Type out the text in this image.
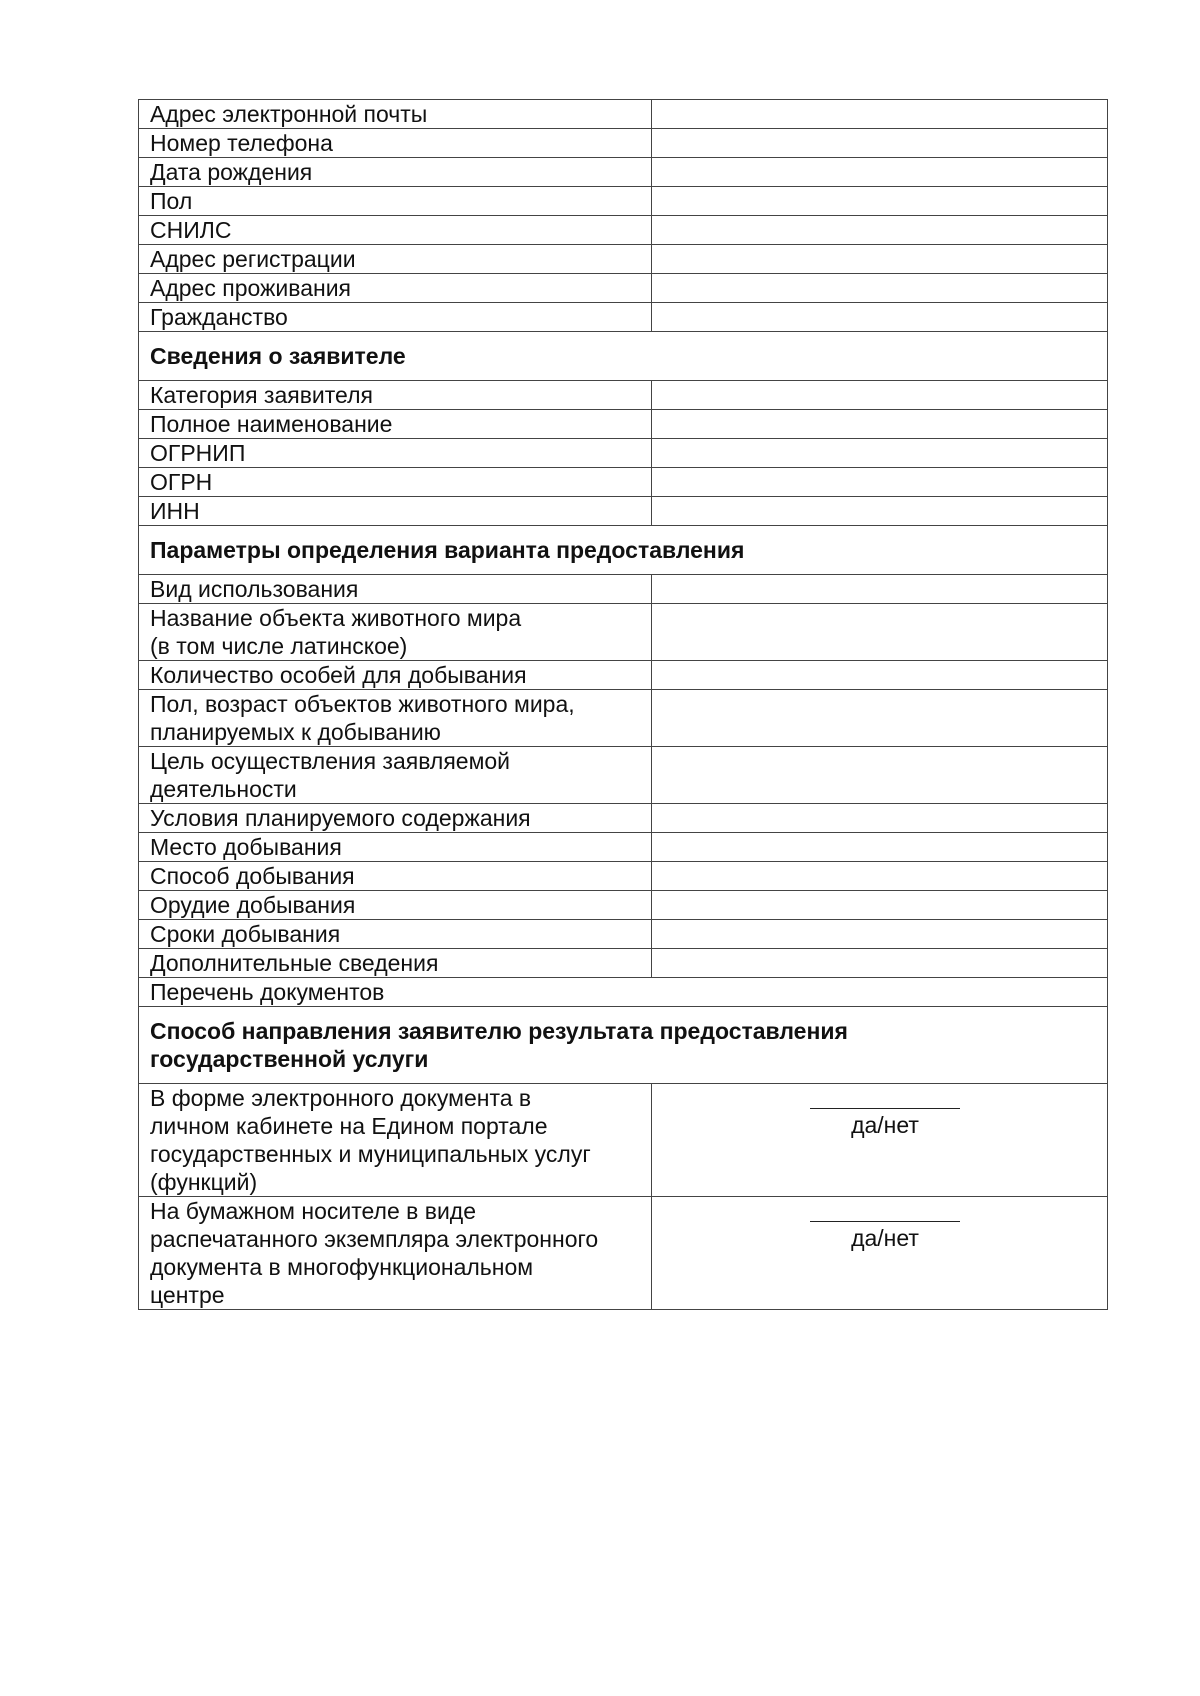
Адрес электронной почты	
Номер телефона	
Дата рождения	
Пол	
СНИЛС	
Адрес регистрации	
Адрес проживания	
Гражданство	
Сведения о заявителе	
Категория заявителя	
Полное наименование	
ОГРНИП	
ОГРН	
ИНН	
Параметры определения варианта предоставления	
Вид использования	
Название объекта животного мира
(в том числе латинское)	
Количество особей для добывания	
Пол, возраст объектов животного мира,
планируемых к добыванию	
Цель осуществления заявляемой
деятельности	
Условия планируемого содержания	
Место добывания	
Способ добывания	
Орудие добывания	
Сроки добывания	
Дополнительные сведения	
Перечень документов	
Способ направления заявителю результата предоставления
государственной услуги	
В форме электронного документа в
личном кабинете на Едином портале
государственных и муниципальных услуг
(функций)	да/нет

На бумажном носителе в виде
распечатанного экземпляра электронного
документа в многофункциональном
центре	да/нет
